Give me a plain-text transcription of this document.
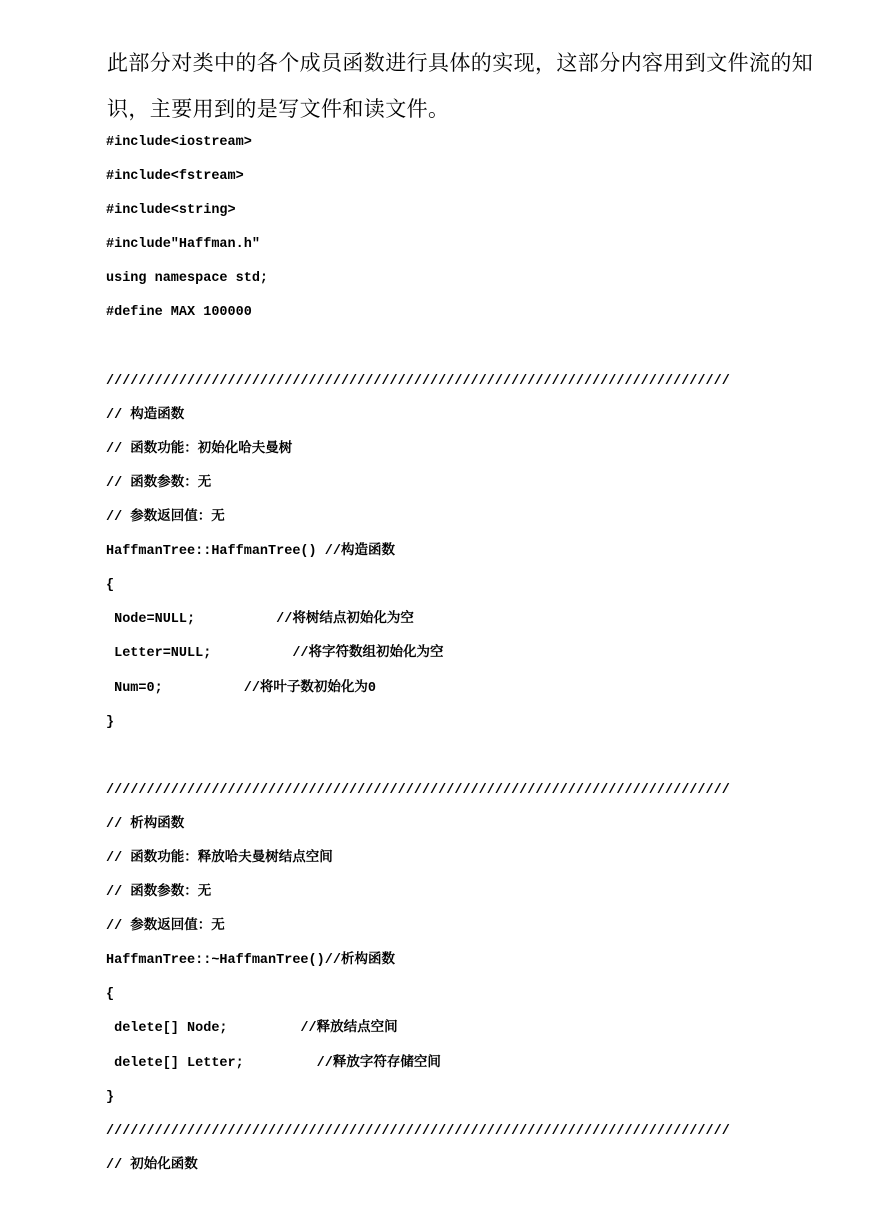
此部分对类中的各个成员函数进行具体的实现，这部分内容用到文件流的知识，主要用到的是写文件和读文件。

#include<iostream>
#include<fstream>
#include<string>
#include"Haffman.h"
using namespace std;
#define MAX 100000
/////////////////////////////////////////////////////////////////////////////
// 构造函数
// 函数功能：初始化哈夫曼树
// 函数参数：无
// 参数返回值：无
HaffmanTree::HaffmanTree() //构造函数
{
Node=NULL;          //将树结点初始化为空
Letter=NULL;          //将字符数组初始化为空
Num=0;          //将叶子数初始化为0
}
/////////////////////////////////////////////////////////////////////////////
// 析构函数
// 函数功能：释放哈夫曼树结点空间
// 函数参数：无
// 参数返回值：无
HaffmanTree::~HaffmanTree()//析构函数
{
delete[] Node;         //释放结点空间
delete[] Letter;         //释放字符存储空间
}
/////////////////////////////////////////////////////////////////////////////
// 初始化函数
